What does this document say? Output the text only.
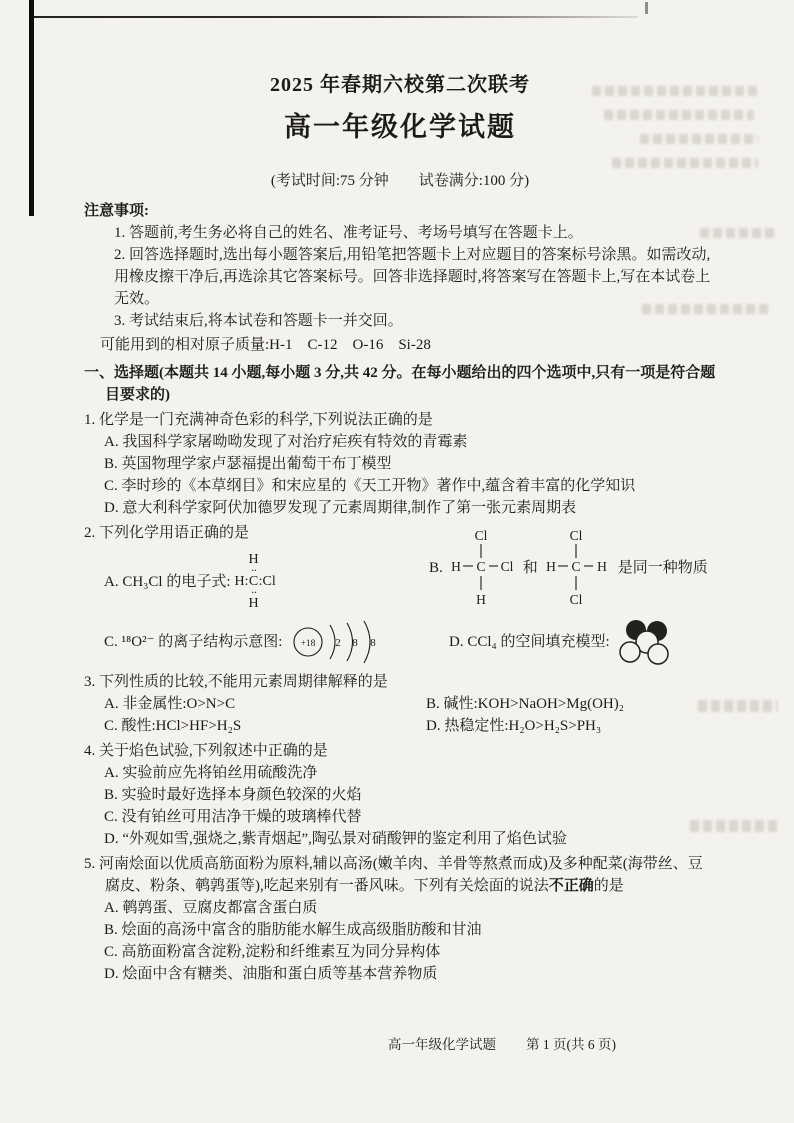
2025 年春期六校第二次联考
高一年级化学试题
(考试时间:75 分钟　　试卷满分:100 分)
注意事项:
1. 答题前,考生务必将自己的姓名、准考证号、考场号填写在答题卡上。
2. 回答选择题时,选出每小题答案后,用铅笔把答题卡上对应题目的答案标号涂黑。如需改动,用橡皮擦干净后,再选涂其它答案标号。回答非选择题时,将答案写在答题卡上,写在本试卷上无效。
3. 考试结束后,将本试卷和答题卡一并交回。
可能用到的相对原子质量:H-1　C-12　O-16　Si-28
一、选择题(本题共 14 小题,每小题 3 分,共 42 分。在每小题给出的四个选项中,只有一项是符合题目要求的)
1. 化学是一门充满神奇色彩的科学,下列说法正确的是
A. 我国科学家屠呦呦发现了对治疗疟疾有特效的青霉素
B. 英国物理学家卢瑟福提出葡萄干布丁模型
C. 李时珍的《本草纲目》和宋应星的《天工开物》著作中,蕴含着丰富的化学知识
D. 意大利科学家阿伏加德罗发现了元素周期律,制作了第一张元素周期表
2. 下列化学用语正确的是
A. CH₃Cl 的电子式:
H
··
H: C :Cl
··
H
B.
Cl
H C Cl
H
和
Cl
H C H
Cl
是同一种物质
C. ¹⁸O²⁻ 的离子结构示意图: +18 2 8 8	D. CCl₄ 的空间填充模型:
3. 下列性质的比较,不能用元素周期律解释的是
A. 非金属性:O>N>C	B. 碱性:KOH>NaOH>Mg(OH)₂
C. 酸性:HCl>HF>H₂S	D. 热稳定性:H₂O>H₂S>PH₃
4. 关于焰色试验,下列叙述中正确的是
A. 实验前应先将铂丝用硫酸洗净
B. 实验时最好选择本身颜色较深的火焰
C. 没有铂丝可用洁净干燥的玻璃棒代替
D. “外观如雪,强烧之,紫青烟起”,陶弘景对硝酸钾的鉴定利用了焰色试验
5. 河南烩面以优质高筋面粉为原料,辅以高汤(嫩羊肉、羊骨等熬煮而成)及多种配菜(海带丝、豆腐皮、粉条、鹌鹑蛋等),吃起来别有一番风味。下列有关烩面的说法不正确的是
A. 鹌鹑蛋、豆腐皮都富含蛋白质
B. 烩面的高汤中富含的脂肪能水解生成高级脂肪酸和甘油
C. 高筋面粉富含淀粉,淀粉和纤维素互为同分异构体
D. 烩面中含有糖类、油脂和蛋白质等基本营养物质
高一年级化学试题 第 1 页(共 6 页)
